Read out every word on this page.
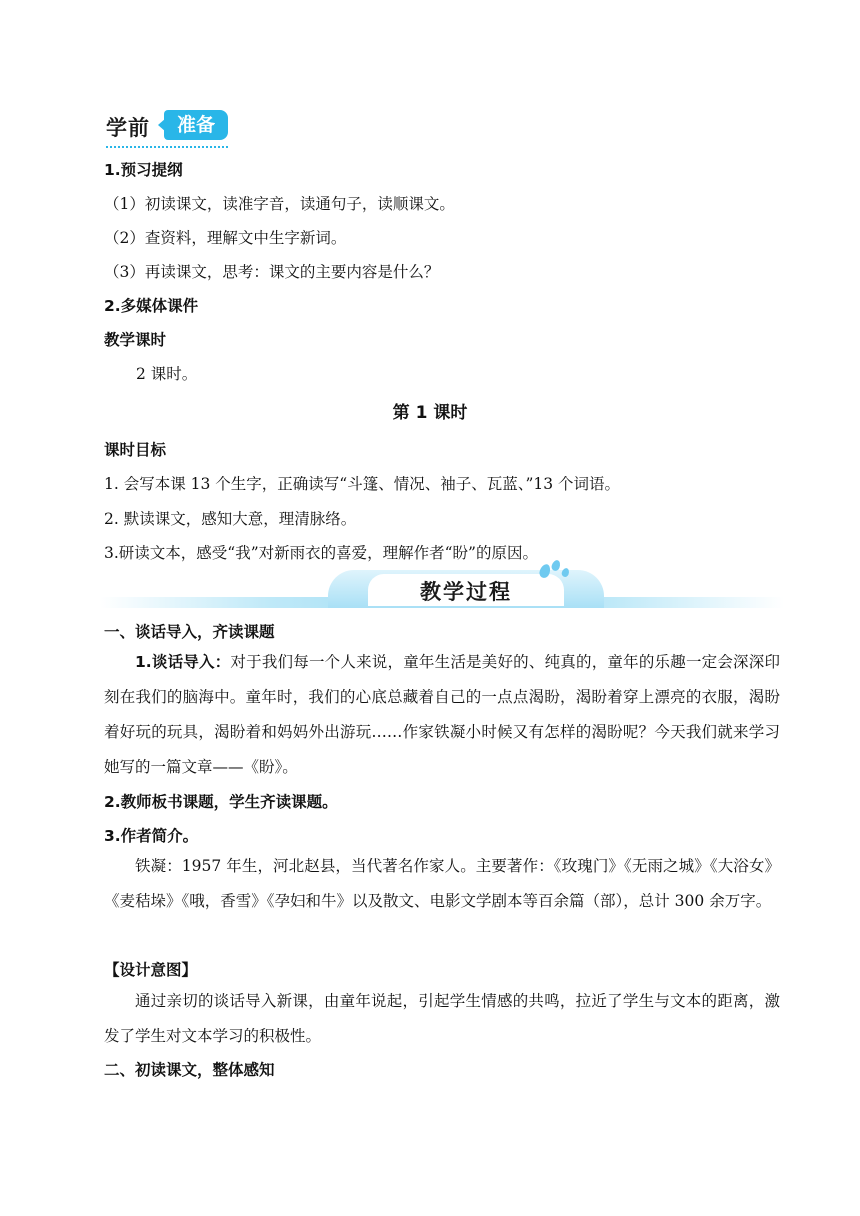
学前	准备
1.预习提纲
（1）初读课文，读准字音，读通句子，读顺课文。
（2）查资料，理解文中生字新词。
（3）再读课文，思考：课文的主要内容是什么？
2.多媒体课件
教学课时
2 课时。
第 1 课时
课时目标
1. 会写本课 13 个生字，正确读写“斗篷、情况、袖子、瓦蓝、”13 个词语。
2. 默读课文，感知大意，理清脉络。
3.研读文本，感受“我”对新雨衣的喜爱，理解作者“盼”的原因。
教学过程
一、谈话导入，齐读课题
1.谈话导入：对于我们每一个人来说，童年生活是美好的、纯真的，童年的乐趣一定会深深印刻在我们的脑海中。童年时，我们的心底总藏着自己的一点点渴盼，渴盼着穿上漂亮的衣服，渴盼着好玩的玩具，渴盼着和妈妈外出游玩……作家铁凝小时候又有怎样的渴盼呢？今天我们就来学习她写的一篇文章——《盼》。
2.教师板书课题，学生齐读课题。
3.作者简介。
铁凝：1957 年生，河北赵县，当代著名作家人。主要著作：《玫瑰门》《无雨之城》《大浴女》《麦秸垛》《哦，香雪》《孕妇和牛》以及散文、电影文学剧本等百余篇（部），总计 300 余万字。
【设计意图】
通过亲切的谈话导入新课，由童年说起，引起学生情感的共鸣，拉近了学生与文本的距离，激发了学生对文本学习的积极性。
二、初读课文，整体感知
